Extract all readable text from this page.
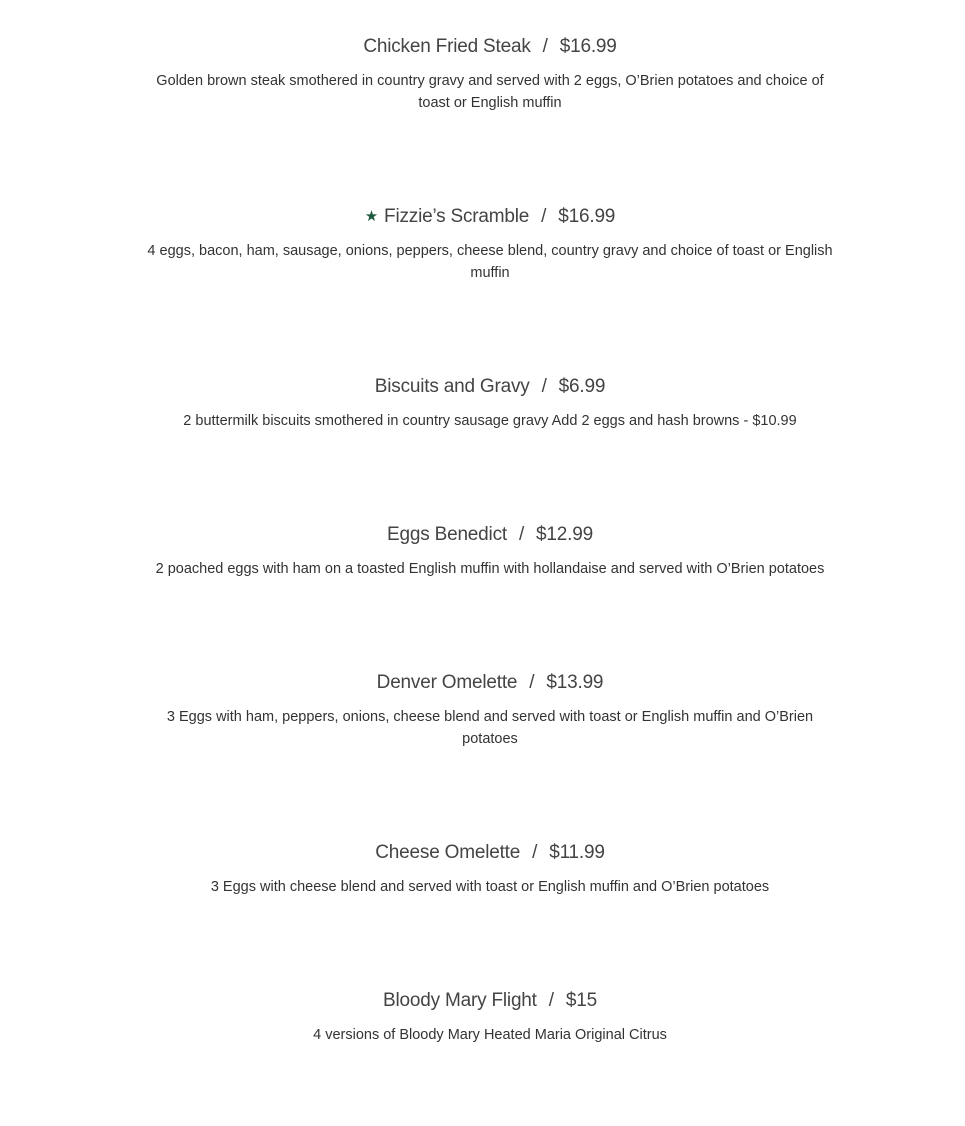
Chicken Fried Steak / $16.99
Golden brown steak smothered in country gravy and served with 2 eggs, O’Brien potatoes and choice of toast or English muffin
★ Fizzie’s Scramble / $16.99
4 eggs, bacon, ham, sausage, onions, peppers, cheese blend, country gravy and choice of toast or English muffin
Biscuits and Gravy / $6.99
2 buttermilk biscuits smothered in country sausage gravy Add 2 eggs and hash browns - $10.99
Eggs Benedict / $12.99
2 poached eggs with ham on a toasted English muffin with hollandaise and served with O’Brien potatoes
Denver Omelette / $13.99
3 Eggs with ham, peppers, onions, cheese blend and served with toast or English muffin and O’Brien potatoes
Cheese Omelette / $11.99
3 Eggs with cheese blend and served with toast or English muffin and O’Brien potatoes
Bloody Mary Flight / $15
4 versions of Bloody Mary Heated Maria Original Citrus
